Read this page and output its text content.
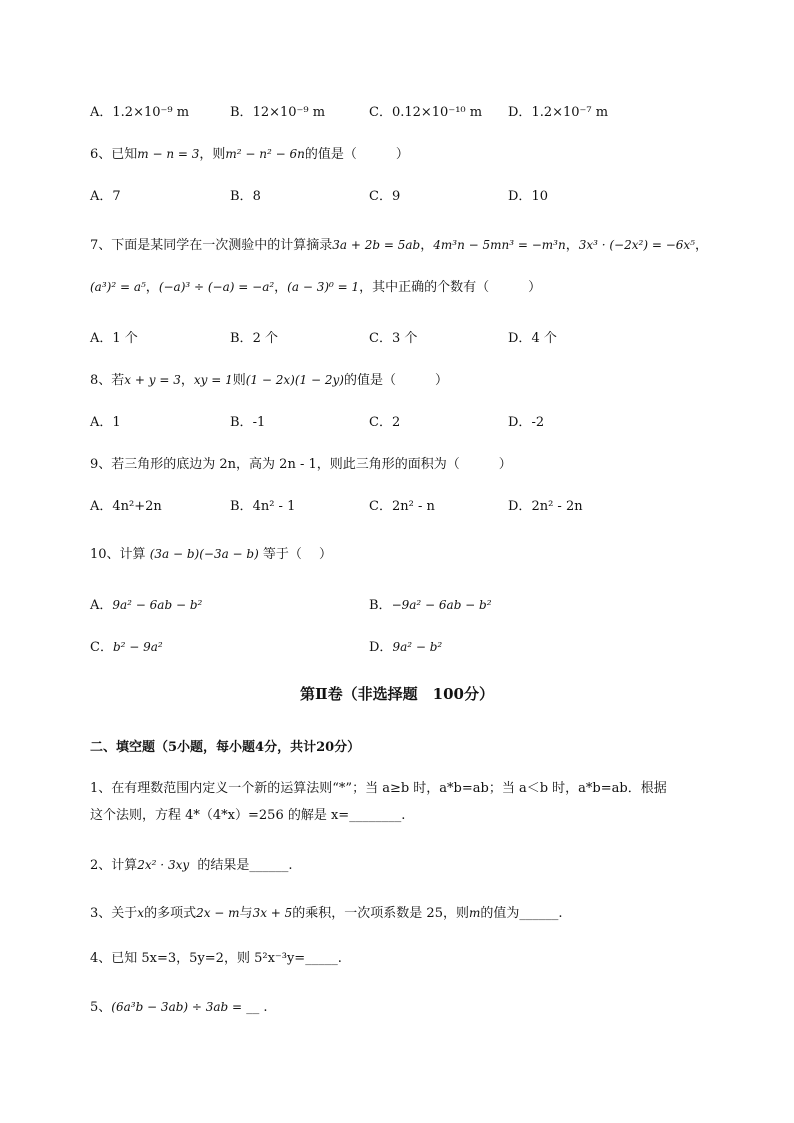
A．1.2×10⁻⁹ m	B．12×10⁻⁹ m	C．0.12×10⁻¹⁰ m D．1.2×10⁻⁷ m
6、已知m − n = 3，则m² − n² − 6n的值是（　　　）
A．7	B．8	C．9	D．10
7、下面是某同学在一次测验中的计算摘录3a + 2b = 5ab，4m³n − 5mn³ = −m³n，3x³ · (−2x²) = −6x⁵，
(a³)² = a⁵，(−a)³ ÷ (−a) = −a²，(a − 3)⁰ = 1，其中正确的个数有（　　　）
A．1 个	B．2 个	C．3 个	D．4 个
8、若x + y = 3，xy = 1则(1 − 2x)(1 − 2y)的值是（　　　）
A．1	B．-1	C．2	D．-2
9、若三角形的底边为 2n，高为 2n - 1，则此三角形的面积为（　　　）
A．4n²+2n	B．4n² - 1	C．2n² - n	D．2n² - 2n
10、计算 (3a − b)(−3a − b) 等于（　 ）
A．9a² − 6ab − b²	B．−9a² − 6ab − b²
C．b² − 9a²	D．9a² − b²
第Ⅱ卷（非选择题　100分）
二、填空题（5小题，每小题4分，共计20分）
1、在有理数范围内定义一个新的运算法则“*”；当 a≥b 时，a*b=ab；当 a＜b 时，a*b=ab．根据
这个法则，方程 4*（4*x）=256 的解是 x=________.
2、计算2x² · 3xy 的结果是______.
3、关于x的多项式2x − m与3x + 5的乘积，一次项系数是 25，则m的值为______.
4、已知 5x=3，5y=2，则 5²x⁻³y=_____.
5、(6a³b − 3ab) ÷ 3ab = __ .
